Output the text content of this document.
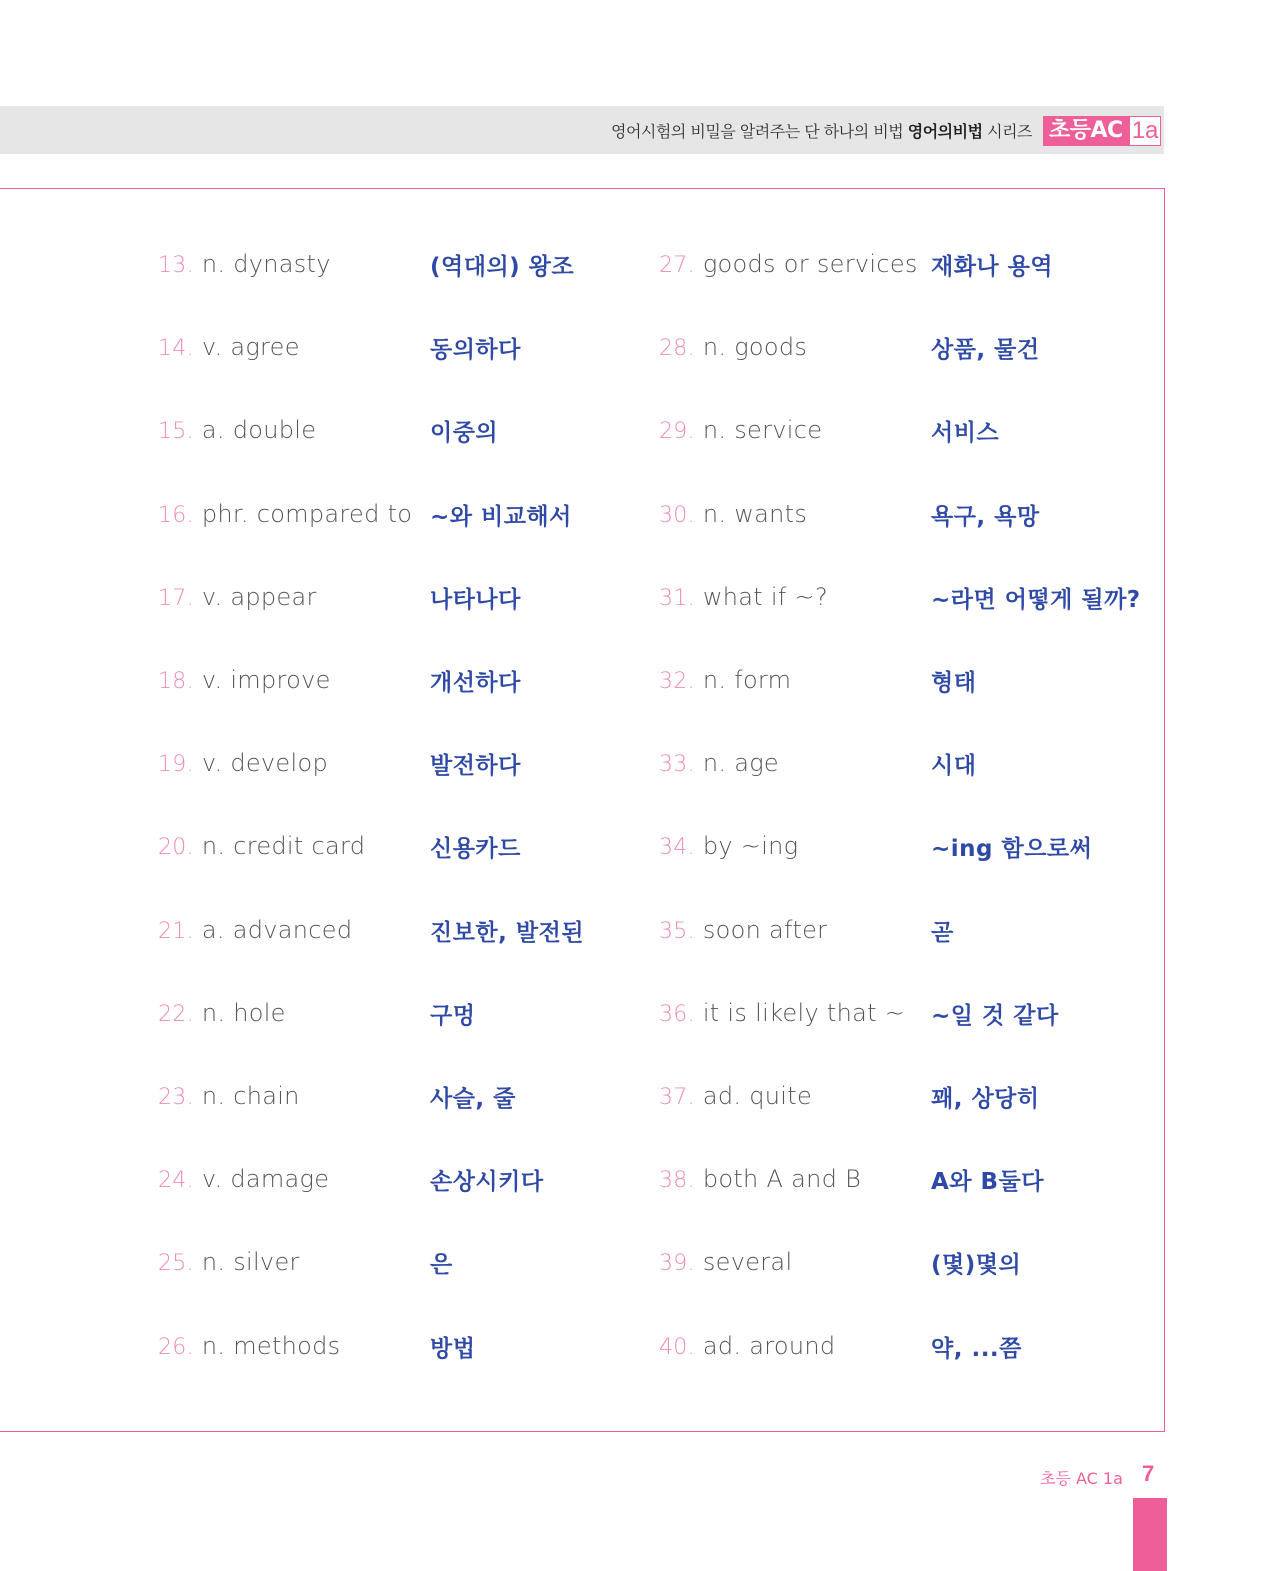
영어시험의 비밀을 알려주는 단 하나의 비법 영어의비법 시리즈 초등AC 1a
13. n. dynasty	(역대의) 왕조
14. v. agree	동의하다
15. a. double	이중의
16. phr. compared to ~와 비교해서
17. v. appear	나타나다
18. v. improve	개선하다
19. v. develop	발전하다
20. n. credit card	신용카드
21. a. advanced	진보한, 발전된
22. n. hole	구멍
23. n. chain	사슬, 줄
24. v. damage	손상시키다
25. n. silver	은
26. n. methods	방법
27. goods or services 재화나 용역
28. n. goods	상품, 물건
29. n. service	서비스
30. n. wants	욕구, 욕망
31. what if ~?	~라면 어떻게 될까?
32. n. form	형태
33. n. age	시대
34. by ~ing	~ing 함으로써
35. soon after	곧
36. it is likely that ~ ~일 것 같다
37. ad. quite	꽤, 상당히
38. both A and B	A와 B둘다
39. several	(몇)몇의
40. ad. around	약, ...쯤
초등 AC 1a 7
